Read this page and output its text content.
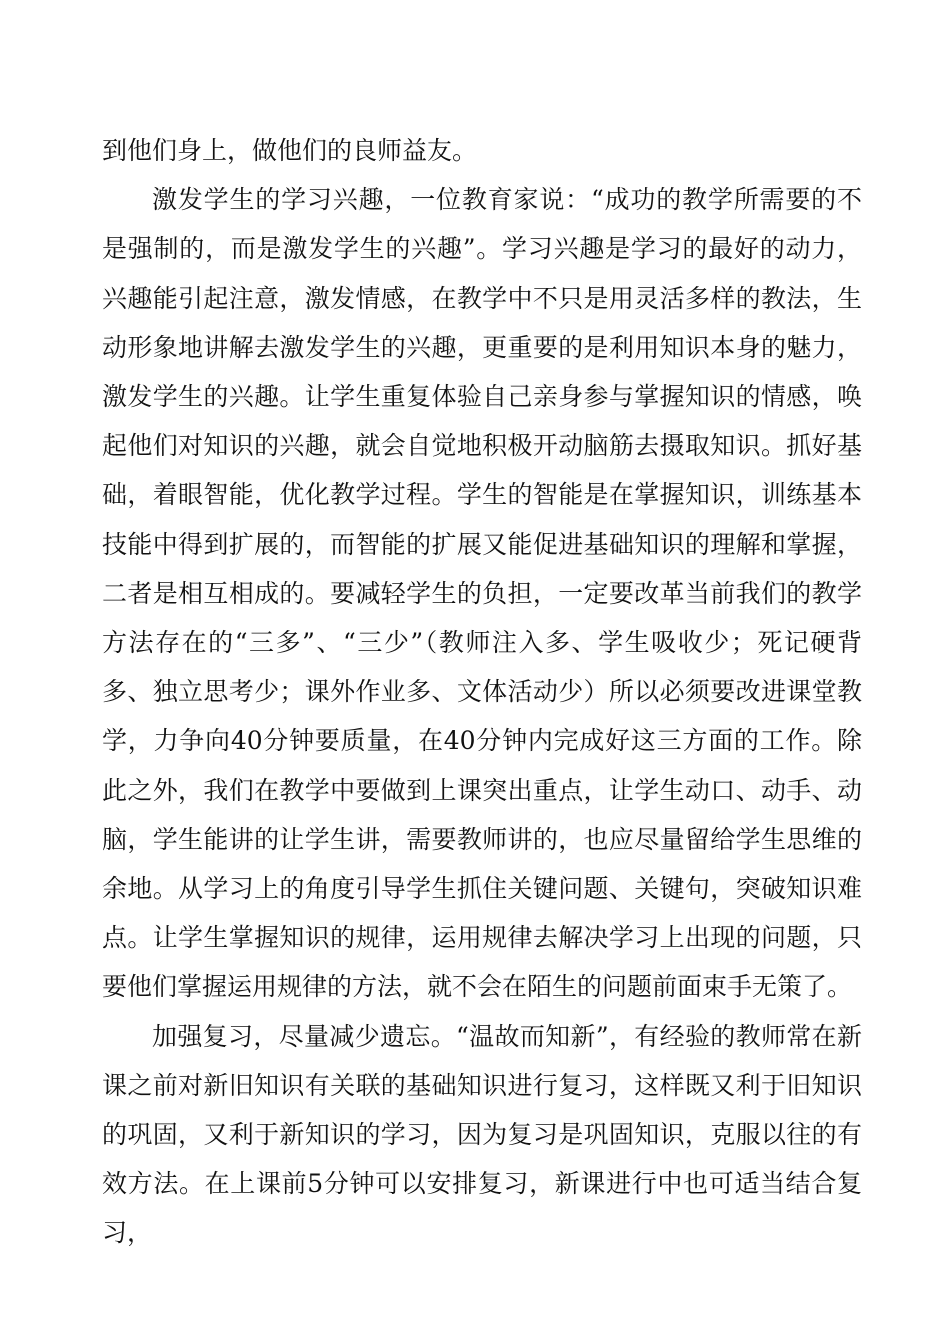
到他们身上，做他们的良师益友。

激发学生的学习兴趣，一位教育家说：“成功的教学所需要的不是强制的，而是激发学生的兴趣”。学习兴趣是学习的最好的动力，兴趣能引起注意，激发情感，在教学中不只是用灵活多样的教法，生动形象地讲解去激发学生的兴趣，更重要的是利用知识本身的魅力，激发学生的兴趣。让学生重复体验自己亲身参与掌握知识的情感，唤起他们对知识的兴趣，就会自觉地积极开动脑筋去摄取知识。抓好基础，着眼智能，优化教学过程。学生的智能是在掌握知识，训练基本技能中得到扩展的，而智能的扩展又能促进基础知识的理解和掌握，二者是相互相成的。要减轻学生的负担，一定要改革当前我们的教学方法存在的“三多”、“三少”（教师注入多、学生吸收少；死记硬背多、独立思考少；课外作业多、文体活动少）所以必须要改进课堂教学，力争向40分钟要质量，在40分钟内完成好这三方面的工作。除此之外，我们在教学中要做到上课突出重点，让学生动口、动手、动脑，学生能讲的让学生讲，需要教师讲的，也应尽量留给学生思维的余地。从学习上的角度引导学生抓住关键问题、关键句，突破知识难点。让学生掌握知识的规律，运用规律去解决学习上出现的问题，只要他们掌握运用规律的方法，就不会在陌生的问题前面束手无策了。

加强复习，尽量减少遗忘。“温故而知新”，有经验的教师常在新课之前对新旧知识有关联的基础知识进行复习，这样既又利于旧知识的巩固，又利于新知识的学习，因为复习是巩固知识，克服以往的有效方法。在上课前5分钟可以安排复习，新课进行中也可适当结合复习，
